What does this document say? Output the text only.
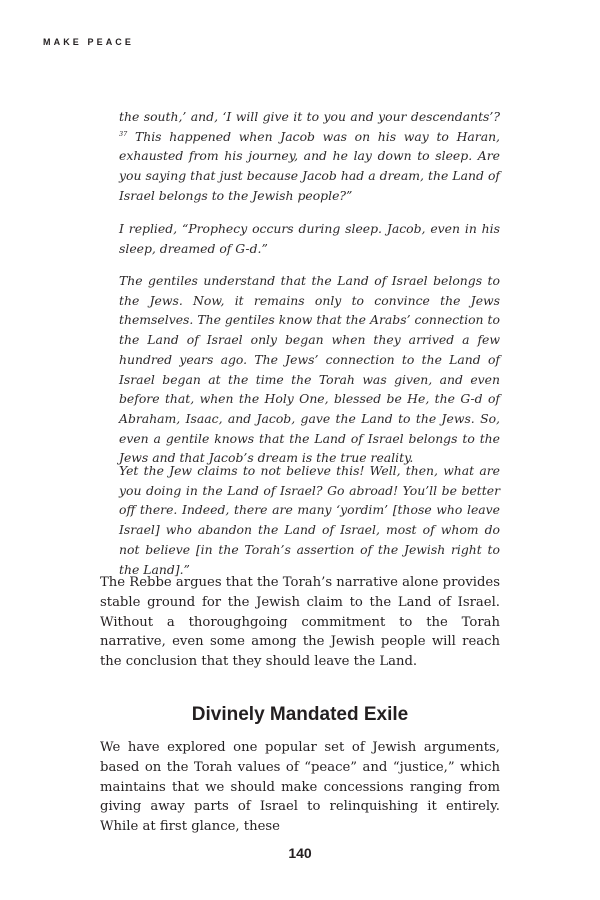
MAKE PEACE

the south,’ and, ‘I will give it to you and your descendants’?$^{37}$ This happened when Jacob was on his way to Haran, exhausted from his journey, and he lay down to sleep. Are you saying that just because Jacob had a dream, the Land of Israel belongs to the Jewish people?”

I replied, “Prophecy occurs during sleep. Jacob, even in his sleep, dreamed of G-d.”

The gentiles understand that the Land of Israel belongs to the Jews. Now, it remains only to convince the Jews themselves. The gentiles know that the Arabs’ connection to the Land of Israel only began when they arrived a few hundred years ago. The Jews’ connection to the Land of Israel began at the time the Torah was given, and even before that, when the Holy One, blessed be He, the G-d of Abraham, Isaac, and Jacob, gave the Land to the Jews. So, even a gentile knows that the Land of Israel belongs to the Jews and that Jacob’s dream is the true reality.

Yet the Jew claims to not believe this! Well, then, what are you doing in the Land of Israel? Go abroad! You’ll be better off there. Indeed, there are many ‘yordim’ [those who leave Israel] who abandon the Land of Israel, most of whom do not believe [in the Torah’s assertion of the Jewish right to the Land].”

The Rebbe argues that the Torah’s narrative alone provides stable ground for the Jewish claim to the Land of Israel. Without a thoroughgoing commitment to the Torah narrative, even some among the Jewish people will reach the conclusion that they should leave the Land.

Divinely Mandated Exile

We have explored one popular set of Jewish arguments, based on the Torah values of “peace” and “justice,” which maintains that we should make concessions ranging from giving away parts of Israel to relinquishing it entirely. While at first glance, these

140
